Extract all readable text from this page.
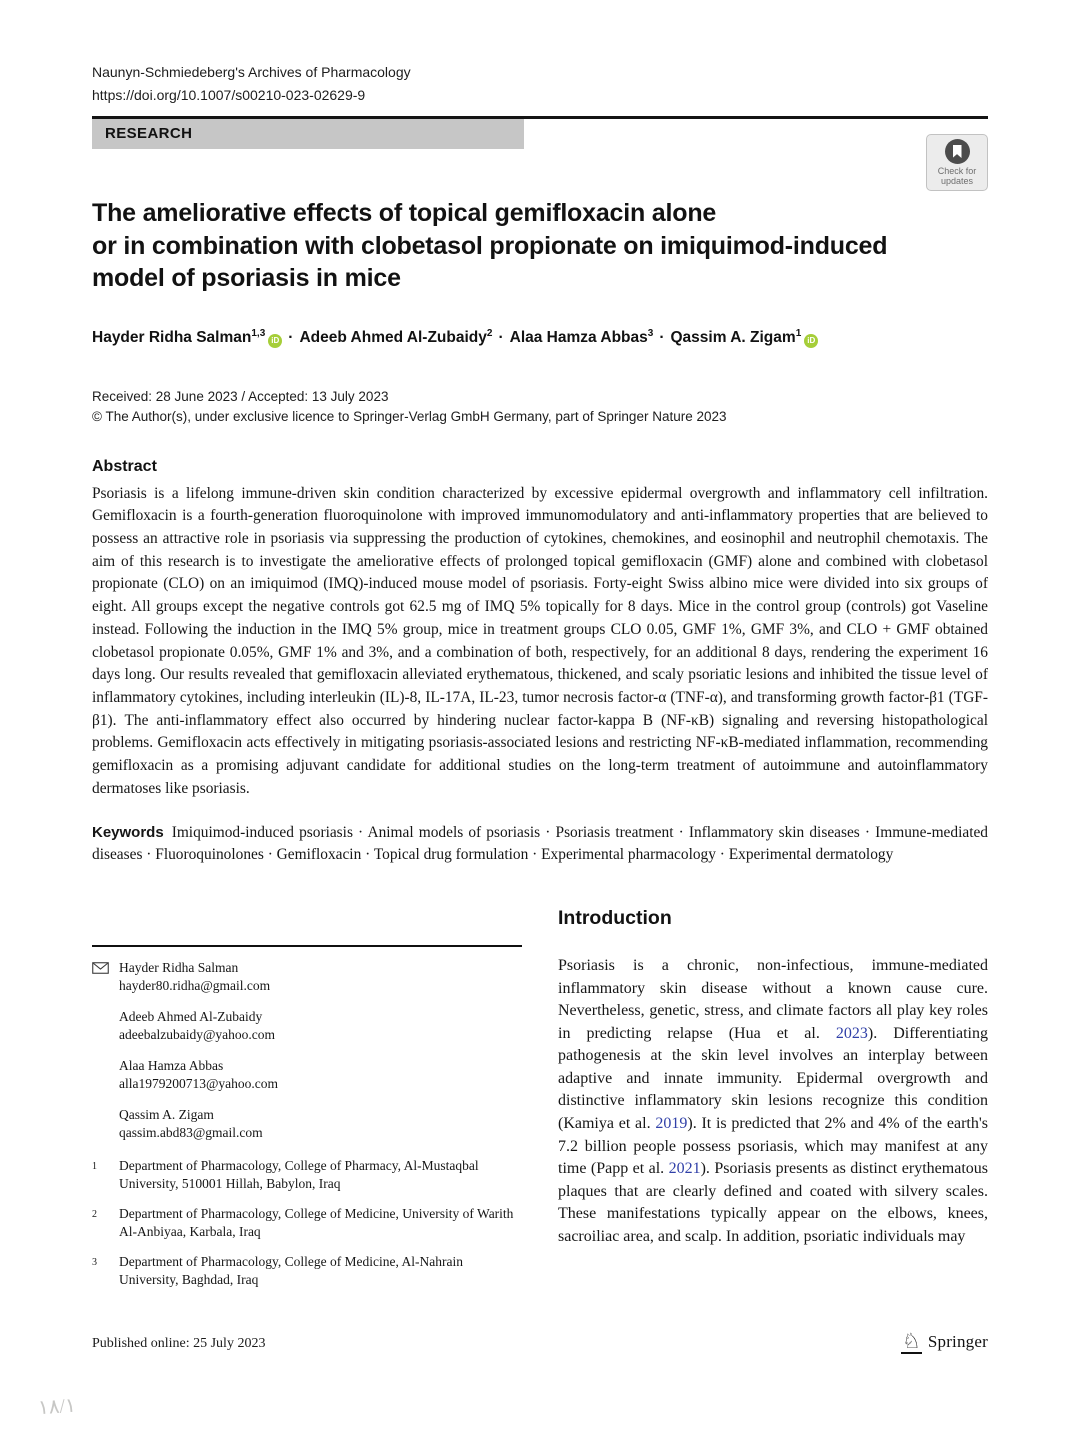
Naunyn-Schmiedeberg's Archives of Pharmacology
https://doi.org/10.1007/s00210-023-02629-9
RESEARCH
Check for
updates
The ameliorative effects of topical gemifloxacin alone
or in combination with clobetasol propionate on imiquimod-induced
model of psoriasis in mice
Hayder Ridha Salman$^{1,3}$iD · Adeeb Ahmed Al-Zubaidy$^2$ · Alaa Hamza Abbas$^3$ · Qassim A. Zigam$^1$iD
Received: 28 June 2023 / Accepted: 13 July 2023
© The Author(s), under exclusive licence to Springer-Verlag GmbH Germany, part of Springer Nature 2023
Abstract

Psoriasis is a lifelong immune-driven skin condition characterized by excessive epidermal overgrowth and inflammatory cell infiltration. Gemifloxacin is a fourth-generation fluoroquinolone with improved immunomodulatory and anti-inflammatory properties that are believed to possess an attractive role in psoriasis via suppressing the production of cytokines, chemokines, and eosinophil and neutrophil chemotaxis. The aim of this research is to investigate the ameliorative effects of prolonged topical gemifloxacin (GMF) alone and combined with clobetasol propionate (CLO) on an imiquimod (IMQ)-induced mouse model of psoriasis. Forty-eight Swiss albino mice were divided into six groups of eight. All groups except the negative controls got 62.5 mg of IMQ 5% topically for 8 days. Mice in the control group (controls) got Vaseline instead. Following the induction in the IMQ 5% group, mice in treatment groups CLO 0.05, GMF 1%, GMF 3%, and CLO + GMF obtained clobetasol propionate 0.05%, GMF 1% and 3%, and a combination of both, respectively, for an additional 8 days, rendering the experiment 16 days long. Our results revealed that gemifloxacin alleviated erythematous, thickened, and scaly psoriatic lesions and inhibited the tissue level of inflammatory cytokines, including interleukin (IL)-8, IL-17A, IL-23, tumor necrosis factor-α (TNF-α), and transforming growth factor-β1 (TGF-β1). The anti-inflammatory effect also occurred by hindering nuclear factor-kappa B (NF-κB) signaling and reversing histopathological problems. Gemifloxacin acts effectively in mitigating psoriasis-associated lesions and restricting NF-κB-mediated inflammation, recommending gemifloxacin as a promising adjuvant candidate for additional studies on the long-term treatment of autoimmune and autoinflammatory dermatoses like psoriasis.

Keywords Imiquimod-induced psoriasis · Animal models of psoriasis · Psoriasis treatment · Inflammatory skin diseases · Immune-mediated diseases · Fluoroquinolones · Gemifloxacin · Topical drug formulation · Experimental pharmacology · Experimental dermatology

Hayder Ridha Salman
hayder80.ridha@gmail.com
Adeeb Ahmed Al-Zubaidy
adeebalzubaidy@yahoo.com
Alaa Hamza Abbas
alla1979200713@yahoo.com
Qassim A. Zigam
qassim.abd83@gmail.com
1	Department of Pharmacology, College of Pharmacy, Al-Mustaqbal University, 510001 Hillah, Babylon, Iraq
2	Department of Pharmacology, College of Medicine, University of Warith Al-Anbiyaa, Karbala, Iraq
3	Department of Pharmacology, College of Medicine, Al-Nahrain University, Baghdad, Iraq
Introduction

Psoriasis is a chronic, non-infectious, immune-mediated inflammatory skin disease without a known cause cure. Nevertheless, genetic, stress, and climate factors all play key roles in predicting relapse (Hua et al. 2023). Differentiating pathogenesis at the skin level involves an interplay between adaptive and innate immunity. Epidermal overgrowth and distinctive inflammatory skin lesions recognize this condition (Kamiya et al. 2019). It is predicted that 2% and 4% of the earth's 7.2 billion people possess psoriasis, which may manifest at any time (Papp et al. 2021). Psoriasis presents as distinct erythematous plaques that are clearly defined and coated with silvery scales. These manifestations typically appear on the elbows, knees, sacroiliac area, and scalp. In addition, psoriatic individuals may

Published online: 25 July 2023	♘ Springer
١٨/١
